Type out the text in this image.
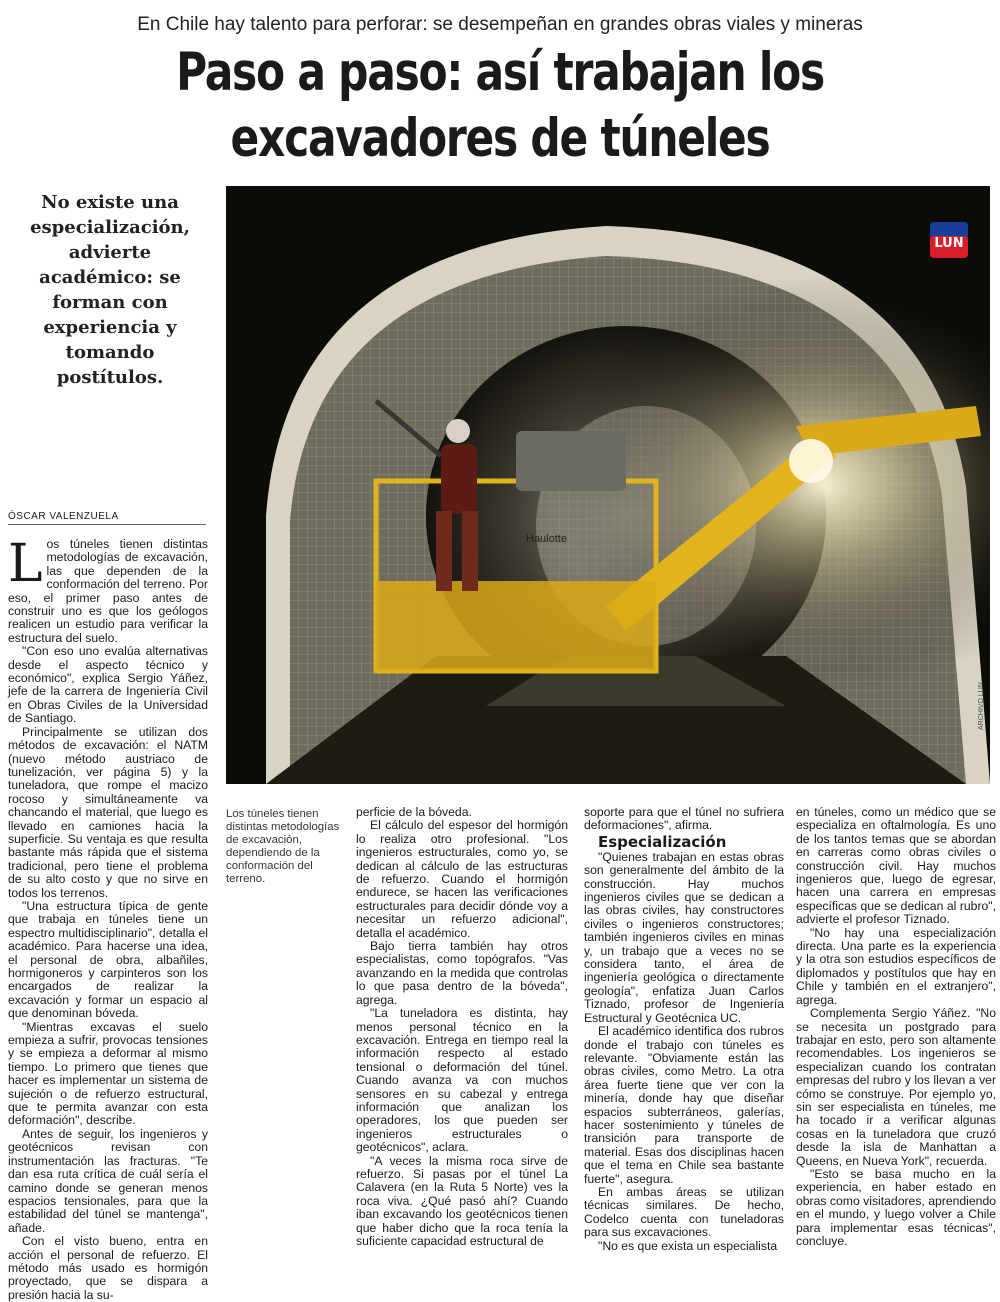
En Chile hay talento para perforar: se desempeñan en grandes obras viales y mineras
Paso a paso: así trabajan los
excavadores de túneles
No existe una especialización, advierte académico: se forman con experiencia y tomando postítulos.
Haulotte
LUN
ARCHIVO LUN
ÓSCAR VALENZUELA
L os túneles tienen distintas metodologías de excavación, las que dependen de la conformación del terreno. Por eso, el primer paso antes de construir uno es que los geólogos realicen un estudio para verificar la estructura del suelo.

"Con eso uno evalúa alternativas desde el aspecto técnico y económico", explica Sergio Yáñez, jefe de la carrera de Ingeniería Civil en Obras Civiles de la Universidad de Santiago.

Principalmente se utilizan dos métodos de excavación: el NATM (nuevo método austriaco de tunelización, ver página 5) y la tuneladora, que rompe el macizo rocoso y simultáneamente va chancando el material, que luego es llevado en camiones hacia la superficie. Su ventaja es que resulta bastante más rápida que el sistema tradicional, pero tiene el problema de su alto costo y que no sirve en todos los terrenos.

"Una estructura típica de gente que trabaja en túneles tiene un espectro multidisciplinario", detalla el académico. Para hacerse una idea, el personal de obra, albañiles, hormigoneros y carpinteros son los encargados de realizar la excavación y formar un espacio al que denominan bóveda.

"Mientras excavas el suelo empieza a sufrir, provocas tensiones y se empieza a deformar al mismo tiempo. Lo primero que tienes que hacer es implementar un sistema de sujeción o de refuerzo estructural, que te permita avanzar con esta deformación", describe.

Antes de seguir, los ingenieros y geotécnicos revisan con instrumentación las fracturas. "Te dan esa ruta crítica de cuál sería el camino donde se generan menos espacios tensionales, para que la estabilidad del túnel se mantenga", añade.

Con el visto bueno, entra en acción el personal de refuerzo. El método más usado es hormigón proyectado, que se dispara a presión hacia la su-

Los túneles tienen distintas metodologías de excavación, dependiendo de la conformación del terreno.

perficie de la bóveda.

El cálculo del espesor del hormigón lo realiza otro profesional. "Los ingenieros estructurales, como yo, se dedican al cálculo de las estructuras de refuerzo. Cuando el hormigón endurece, se hacen las verificaciones estructurales para decidir dónde voy a necesitar un refuerzo adicional", detalla el académico.

Bajo tierra también hay otros especialistas, como topógrafos. "Vas avanzando en la medida que controlas lo que pasa dentro de la bóveda", agrega.

"La tuneladora es distinta, hay menos personal técnico en la excavación. Entrega en tiempo real la información respecto al estado tensional o deformación del túnel. Cuando avanza va con muchos sensores en su cabezal y entrega información que analizan los operadores, los que pueden ser ingenieros estructurales o geotécnicos", aclara.

"A veces la misma roca sirve de refuerzo. Si pasas por el túnel La Calavera (en la Ruta 5 Norte) ves la roca viva. ¿Qué pasó ahí? Cuando iban excavando los geotécnicos tienen que haber dicho que la roca tenía la suficiente capacidad estructural de

soporte para que el túnel no sufriera deformaciones", afirma.

Especialización

"Quienes trabajan en estas obras son generalmente del ámbito de la construcción. Hay muchos ingenieros civiles que se dedican a las obras civiles, hay constructores civiles o ingenieros constructores; también ingenieros civiles en minas y, un trabajo que a veces no se considera tanto, el área de ingeniería geológica o directamente geología", enfatiza Juan Carlos Tiznado, profesor de Ingeniería Estructural y Geotécnica UC.

El académico identifica dos rubros donde el trabajo con túneles es relevante. "Obviamente están las obras civiles, como Metro. La otra área fuerte tiene que ver con la minería, donde hay que diseñar espacios subterráneos, galerías, hacer sostenimiento y túneles de transición para transporte de material. Esas dos disciplinas hacen que el tema en Chile sea bastante fuerte", asegura.

En ambas áreas se utilizan técnicas similares. De hecho, Codelco cuenta con tuneladoras para sus excavaciones.

"No es que exista un especialista

en túneles, como un médico que se especializa en oftalmología. Es uno de los tantos temas que se abordan en carreras como obras civiles o construcción civil. Hay muchos ingenieros que, luego de egresar, hacen una carrera en empresas específicas que se dedican al rubro", advierte el profesor Tiznado.

"No hay una especialización directa. Una parte es la experiencia y la otra son estudios específicos de diplomados y postítulos que hay en Chile y también en el extranjero", agrega.

Complementa Sergio Yáñez. "No se necesita un postgrado para trabajar en esto, pero son altamente recomendables. Los ingenieros se especializan cuando los contratan empresas del rubro y los llevan a ver cómo se construye. Por ejemplo yo, sin ser especialista en túneles, me ha tocado ir a verificar algunas cosas en la tuneladora que cruzó desde la isla de Manhattan a Queens, en Nueva York", recuerda.

"Esto se basa mucho en la experiencia, en haber estado en obras como visitadores, aprendiendo en el mundo, y luego volver a Chile para implementar esas técnicas", concluye.
